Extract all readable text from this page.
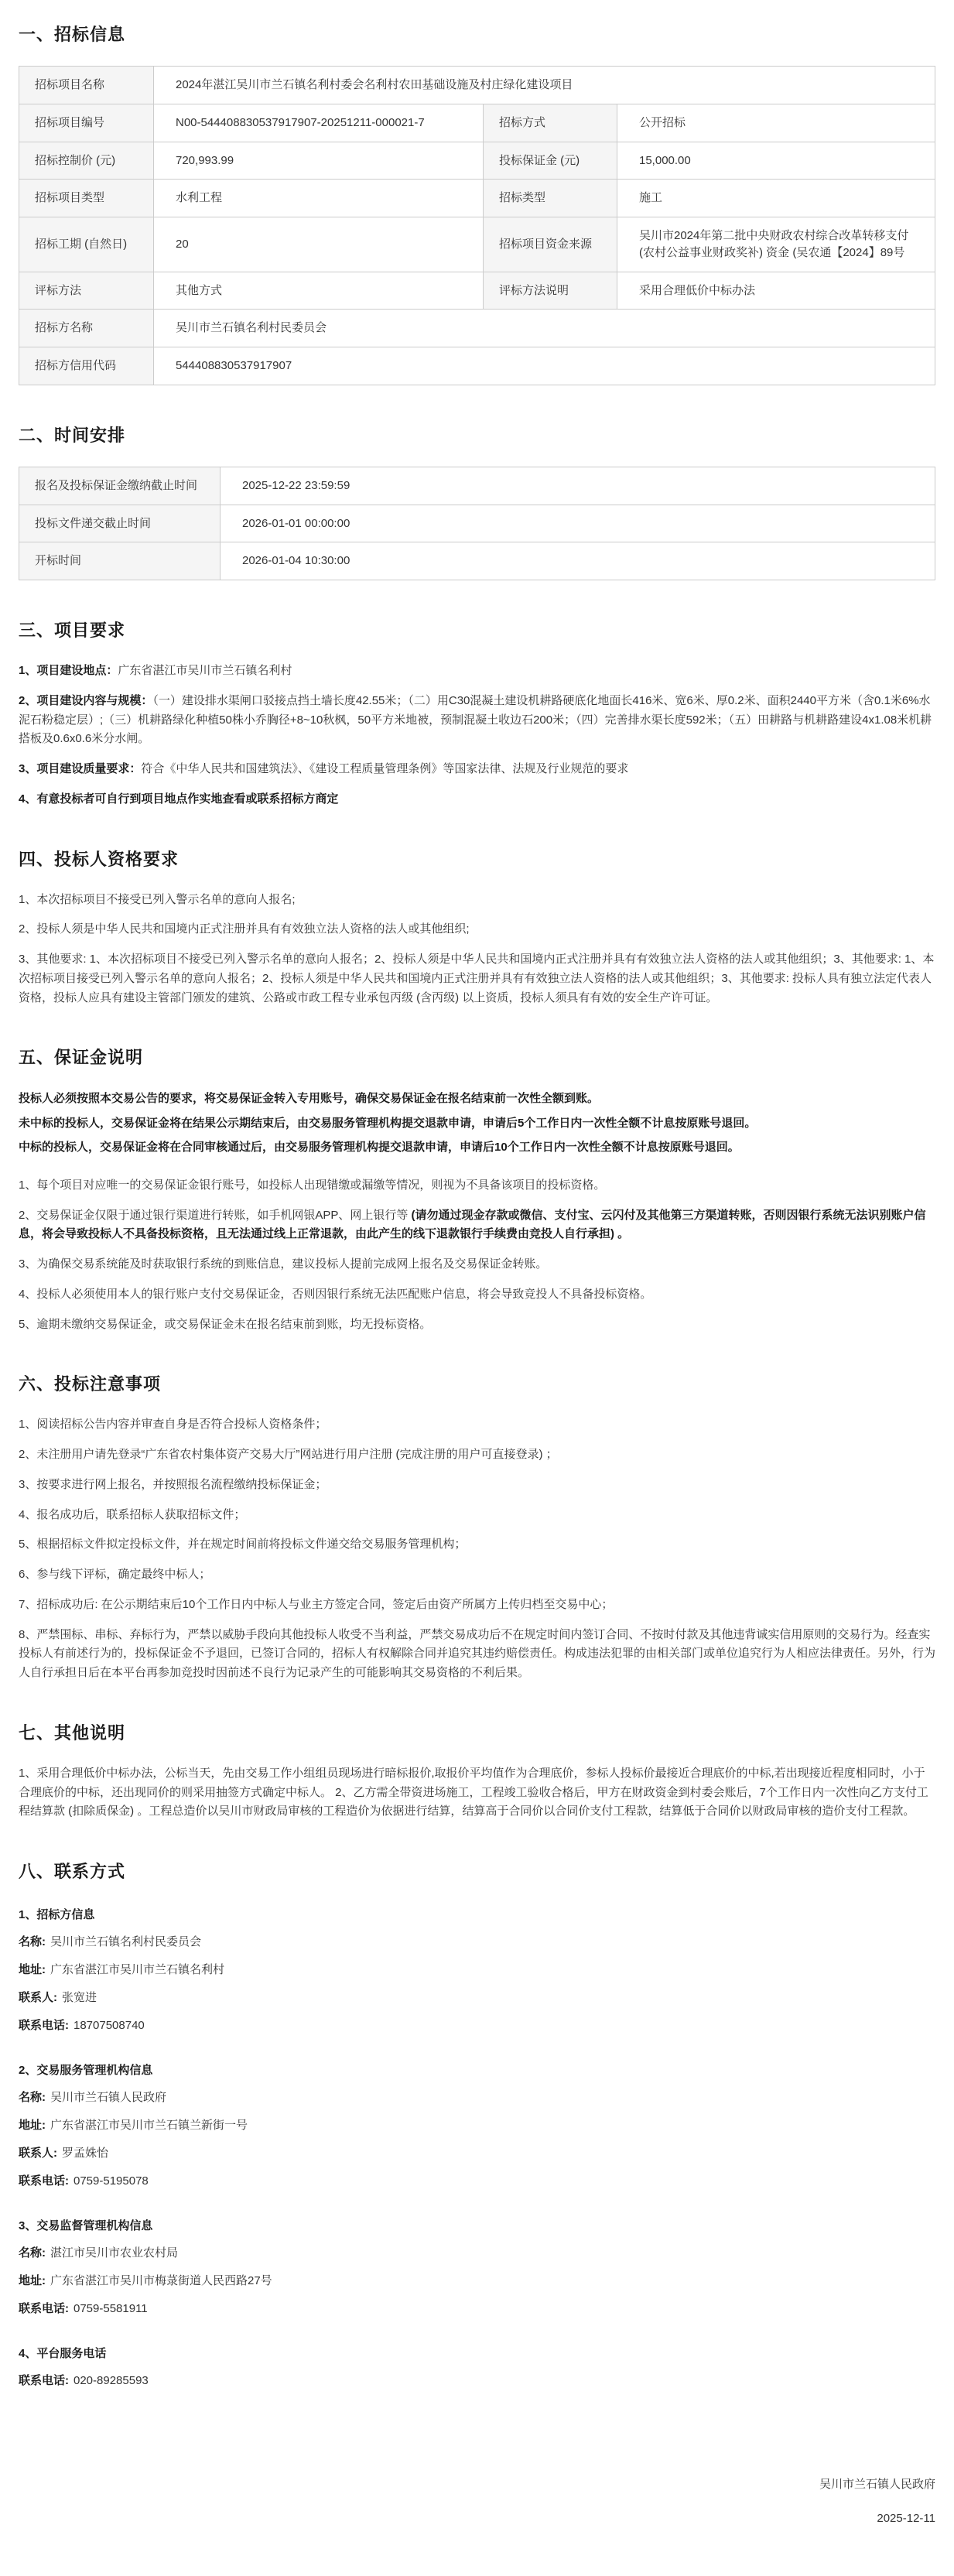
一、招标信息
招标项目名称	2024年湛江吴川市兰石镇名利村委会名利村农田基础设施及村庄绿化建设项目		
招标项目编号	N00-544408830537917907-20251211-000021-7	招标方式	公开招标
招标控制价 (元)	720,993.99	投标保证金 (元)	15,000.00
招标项目类型	水利工程	招标类型	施工
招标工期 (自然日)	20	招标项目资金来源	吴川市2024年第二批中央财政农村综合改革转移支付 (农村公益事业财政奖补) 资金 (吴农通【2024】89号
评标方法	其他方式	评标方法说明	采用合理低价中标办法
招标方名称	吴川市兰石镇名利村民委员会		
招标方信用代码	544408830537917907		
二、时间安排
报名及投标保证金缴纳截止时间	2025-12-22 23:59:59
投标文件递交截止时间	2026-01-01 00:00:00
开标时间	2026-01-04 10:30:00
三、项目要求
1、项目建设地点：广东省湛江市吴川市兰石镇名利村
2、项目建设内容与规模：（一）建设排水渠闸口驳接点挡土墙长度42.55米；（二）用C30混凝土建设机耕路硬底化地面长416米、宽6米、厚0.2米、面积2440平方米（含0.1米6%水泥石粉稳定层）;（三）机耕路绿化种植50株小乔胸径+8~10秋枫，50平方米地被，预制混凝土收边石200米；（四）完善排水渠长度592米；（五）田耕路与机耕路建设4x1.08米机耕搭板及0.6x0.6米分水闸。
3、项目建设质量要求：符合《中华人民共和国建筑法》、《建设工程质量管理条例》等国家法律、法规及行业规范的要求
4、有意投标者可自行到项目地点作实地查看或联系招标方商定
四、投标人资格要求
1、本次招标项目不接受已列入警示名单的意向人报名;
2、投标人须是中华人民共和国境内正式注册并具有有效独立法人资格的法人或其他组织;
3、其他要求: 1、本次招标项目不接受已列入警示名单的意向人报名；2、投标人须是中华人民共和国境内正式注册并具有有效独立法人资格的法人或其他组织；3、其他要求: 1、本次招标项目接受已列入警示名单的意向人报名；2、投标人须是中华人民共和国境内正式注册并具有有效独立法人资格的法人或其他组织；3、其他要求: 投标人具有独立法定代表人资格，投标人应具有建设主管部门颁发的建筑、公路或市政工程专业承包丙级 (含丙级) 以上资质，投标人须具有有效的安全生产许可证。
五、保证金说明
投标人必须按照本交易公告的要求，将交易保证金转入专用账号，确保交易保证金在报名结束前一次性全额到账。
未中标的投标人，交易保证金将在结果公示期结束后，由交易服务管理机构提交退款申请，申请后5个工作日内一次性全额不计息按原账号退回。
中标的投标人，交易保证金将在合同审核通过后，由交易服务管理机构提交退款申请，申请后10个工作日内一次性全额不计息按原账号退回。
1、每个项目对应唯一的交易保证金银行账号，如投标人出现错缴或漏缴等情况，则视为不具备该项目的投标资格。
2、交易保证金仅限于通过银行渠道进行转账，如手机网银APP、网上银行等 (请勿通过现金存款或微信、支付宝、云闪付及其他第三方渠道转账，否则因银行系统无法识别账户信息，将会导致投标人不具备投标资格，且无法通过线上正常退款，由此产生的线下退款银行手续费由竞投人自行承担) 。
3、为确保交易系统能及时获取银行系统的到账信息，建议投标人提前完成网上报名及交易保证金转账。
4、投标人必须使用本人的银行账户支付交易保证金，否则因银行系统无法匹配账户信息，将会导致竞投人不具备投标资格。
5、逾期未缴纳交易保证金，或交易保证金未在报名结束前到账，均无投标资格。
六、投标注意事项
1、阅读招标公告内容并审查自身是否符合投标人资格条件；
2、未注册用户请先登录“广东省农村集体资产交易大厅”网站进行用户注册 (完成注册的用户可直接登录) ；
3、按要求进行网上报名，并按照报名流程缴纳投标保证金；
4、报名成功后，联系招标人获取招标文件；
5、根据招标文件拟定投标文件，并在规定时间前将投标文件递交给交易服务管理机构；
6、参与线下评标，确定最终中标人；
7、招标成功后: 在公示期结束后10个工作日内中标人与业主方签定合同，签定后由资产所属方上传归档至交易中心；
8、严禁围标、串标、弃标行为，严禁以威胁手段向其他投标人收受不当利益，严禁交易成功后不在规定时间内签订合同、不按时付款及其他违背诚实信用原则的交易行为。经查实投标人有前述行为的，投标保证金不予退回，已签订合同的，招标人有权解除合同并追究其违约赔偿责任。构成违法犯罪的由相关部门或单位追究行为人相应法律责任。另外，行为人自行承担日后在本平台再参加竞投时因前述不良行为记录产生的可能影响其交易资格的不利后果。
七、其他说明
1、采用合理低价中标办法，公标当天，先由交易工作小组组员现场进行暗标报价,取报价平均值作为合理底价，参标人投标价最接近合理底价的中标,若出现接近程度相同时，小于合理底价的中标，还出现同价的则采用抽签方式确定中标人。 2、乙方需全带资进场施工，工程竣工验收合格后，甲方在财政资金到村委会账后，7个工作日内一次性向乙方支付工程结算款 (扣除质保金) 。工程总造价以吴川市财政局审核的工程造价为依据进行结算，结算高于合同价以合同价支付工程款，结算低于合同价以财政局审核的造价支付工程款。
八、联系方式
1、招标方信息
名称: 吴川市兰石镇名利村民委员会
地址: 广东省湛江市吴川市兰石镇名利村
联系人: 张宽进
联系电话: 18707508740
2、交易服务管理机构信息
名称: 吴川市兰石镇人民政府
地址: 广东省湛江市吴川市兰石镇兰新街一号
联系人: 罗孟姝怡
联系电话: 0759-5195078
3、交易监督管理机构信息
名称: 湛江市吴川市农业农村局
地址: 广东省湛江市吴川市梅菉街道人民西路27号
联系电话: 0759-5581911
4、平台服务电话
联系电话: 020-89285593
吴川市兰石镇人民政府
2025-12-11
